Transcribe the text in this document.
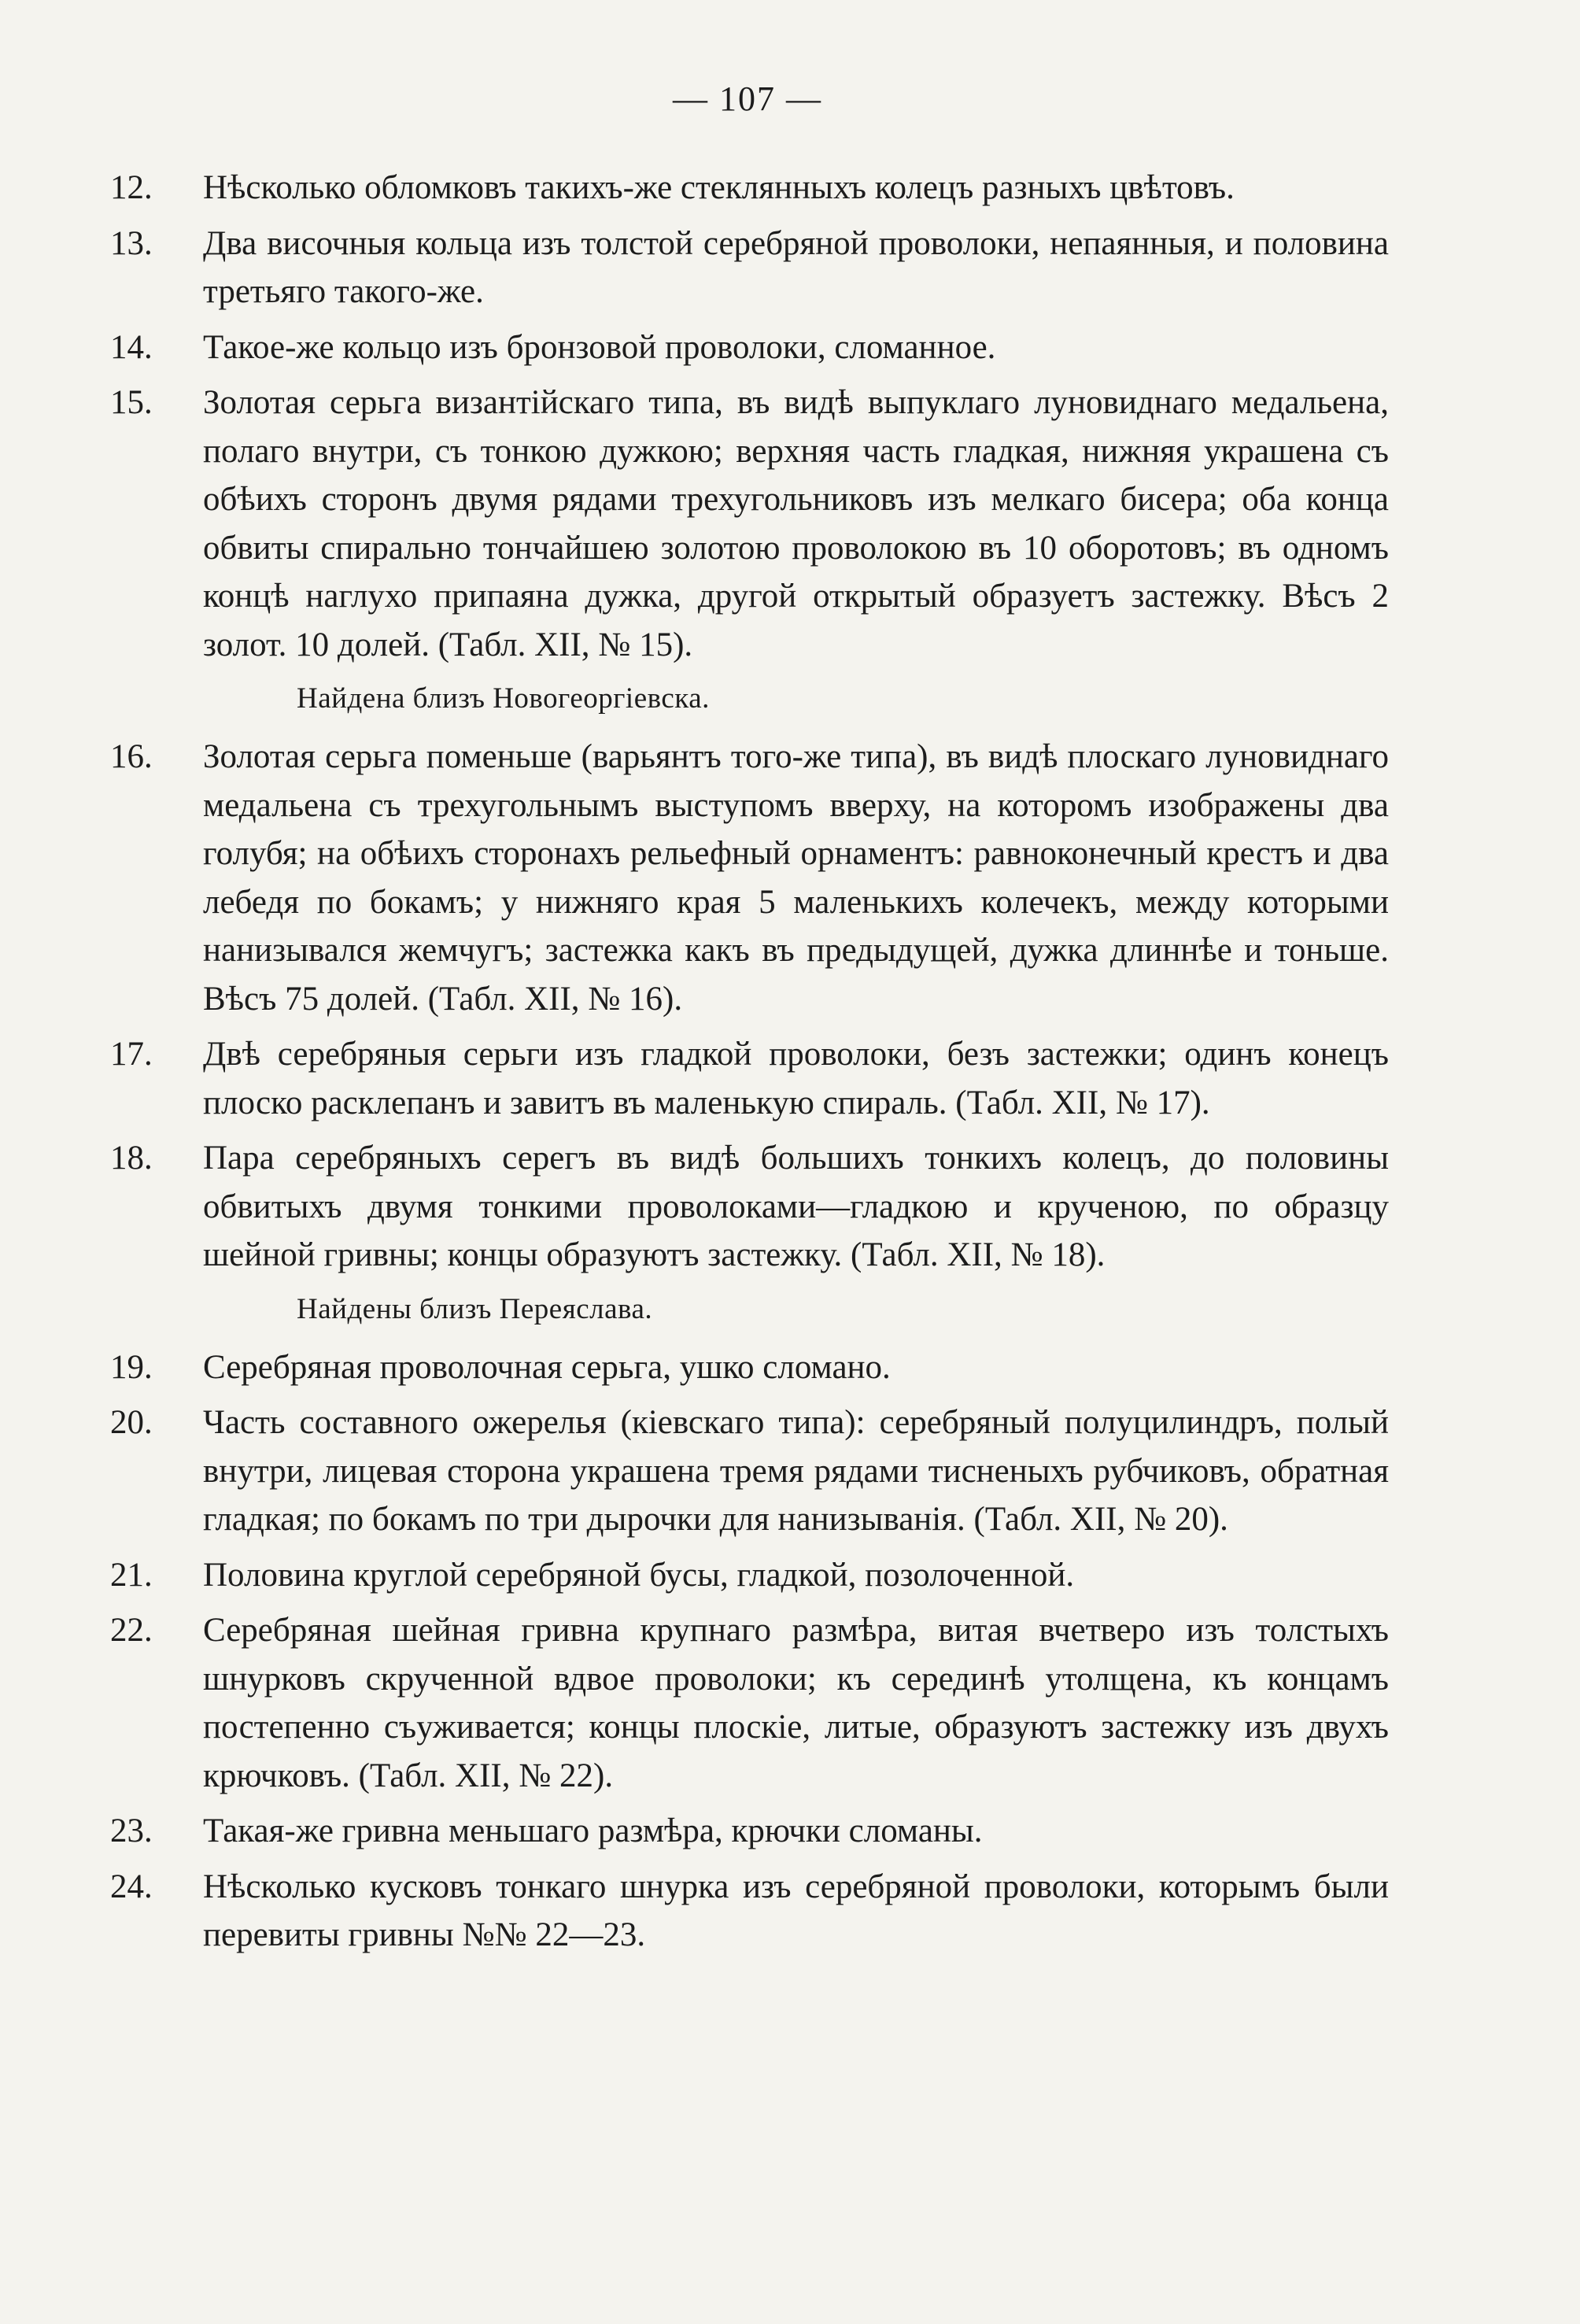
— 107 —
12.	Нѣсколько обломковъ такихъ-же стеклянныхъ колецъ разныхъ цвѣтовъ.
13.	Два височныя кольца изъ толстой серебряной проволоки, непаянныя, и половина третьяго такого-же.
14.	Такое-же кольцо изъ бронзовой проволоки, сломанное.
15.	Золотая серьга византійскаго типа, въ видѣ выпуклаго луновиднаго медальена, полаго внутри, съ тонкою дужкою; верхняя часть гладкая, нижняя украшена съ обѣихъ сторонъ двумя рядами трехугольниковъ изъ мелкаго бисера; оба конца обвиты спирально тончайшею золотою проволокою въ 10 оборотовъ; въ одномъ концѣ наглухо припаяна дужка, другой открытый образуетъ застежку. Вѣсъ 2 золот. 10 долей. (Табл. XII, № 15).
Найдена близъ Новогеоргіевска.
16.	Золотая серьга поменьше (варьянтъ того-же типа), въ видѣ плоскаго луновиднаго медальена съ трехугольнымъ выступомъ вверху, на которомъ изображены два голубя; на обѣихъ сторонахъ рельефный орнаментъ: равноконечный крестъ и два лебедя по бокамъ; у нижняго края 5 маленькихъ колечекъ, между которыми нанизывался жемчугъ; застежка какъ въ предыдущей, дужка длиннѣе и тоньше. Вѣсъ 75 долей. (Табл. XII, № 16).
17.	Двѣ серебряныя серьги изъ гладкой проволоки, безъ застежки; одинъ конецъ плоско расклепанъ и завитъ въ маленькую спираль. (Табл. XII, № 17).
18.	Пара серебряныхъ серегъ въ видѣ большихъ тонкихъ колецъ, до половины обвитыхъ двумя тонкими проволоками—гладкою и крученою, по образцу шейной гривны; концы образуютъ застежку. (Табл. XII, № 18).
Найдены близъ Переяслава.
19.	Серебряная проволочная серьга, ушко сломано.
20.	Часть составного ожерелья (кіевскаго типа): серебряный полуцилиндръ, полый внутри, лицевая сторона украшена тремя рядами тисненыхъ рубчиковъ, обратная гладкая; по бокамъ по три дырочки для нанизыванія. (Табл. XII, № 20).
21.	Половина круглой серебряной бусы, гладкой, позолоченной.
22.	Серебряная шейная гривна крупнаго размѣра, витая вчетверо изъ толстыхъ шнурковъ скрученной вдвое проволоки; къ серединѣ утолщена, къ концамъ постепенно съуживается; концы плоскіе, литые, образуютъ застежку изъ двухъ крючковъ. (Табл. XII, № 22).
23.	Такая-же гривна меньшаго размѣра, крючки сломаны.
24.	Нѣсколько кусковъ тонкаго шнурка изъ серебряной проволоки, которымъ были перевиты гривны №№ 22—23.
